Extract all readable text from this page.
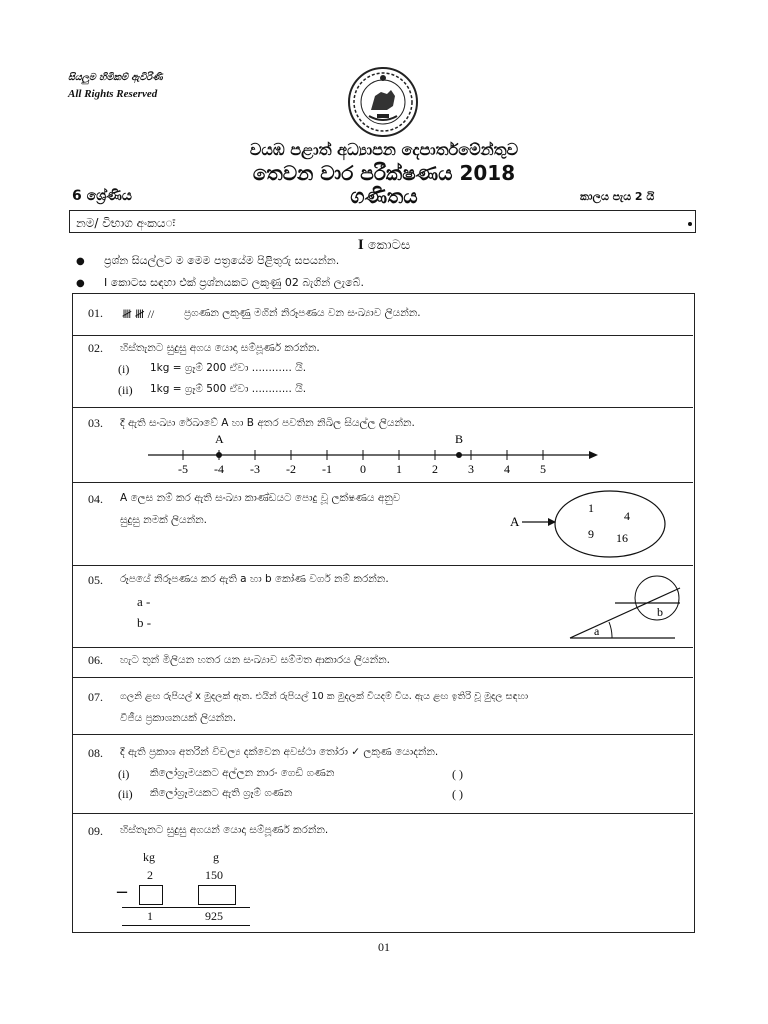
සියලුම හිමිකම් ඇවිරිණි
All Rights Reserved
වයඹ පළාත් අධ්‍යාපන දෙපාර්තමේන්තුව
තෙවන වාර පරීක්ෂණය 2018
ගණිතය
6 ශ්‍රේණිය	කාලය පැය 2 යි
නම/ විභාග අංකයः
I කොටස
● ප්‍රශ්න සියල්ලට ම මෙම පත්‍රයේම පිළිතුරු සපයන්න.
● I කොටස සඳහා එක් ප්‍රශ්නයකට ලකුණු 02 බැගින් ලැබේ.
01. 𝍸 𝍸 //	ප්‍රගණන ලකුණු මගින් නිරූපණය වන සංඛ්‍යාව ලියන්න.
02. හිස්තැනට සුදුසු අගය යොදා සම්පූර්ණ කරන්න.
(i) 1kg = ග්‍රෑම් 200 ඒවා ............ යි.
(ii) 1kg = ග්‍රෑම් 500 ඒවා ............ යි.
03. දී ඇති සංඛ්‍යා රේඛාවේ A හා B අතර පවතින නිඛිල සියල්ල ලියන්න.
-5 -4 -3 -2 -1 0	1	2	3	4	5
A	B
04. A ලෙස නම් කර ඇති සංඛ්‍යා කාණ්ඩයට පොදු වූ ලක්ෂණය අනුව
සුදුසු නමක් ලියන්න.	A
1
4
9 16
05. රූපයේ නිරූපණය කර ඇති a හා b කෝණ වර්ග නම් කරන්න.
a -
b -
a
b
06. හැට තුන් මිලියන හතර යන සංඛ්‍යාව සම්මත ආකාරය ලියන්න.
07. ගලනි ළඟ රුපියල් x මුදලක් ඇත. එයින් රුපියල් 10 ක මුදලක් වියදම් විය. ඇය ළඟ ඉතිරි වූ මුදල සඳහා
වීජීය ප්‍රකාශනයක් ලියන්න.
08. දී ඇති ප්‍රකාශ අතරින් විචල්‍ය දක්වෙන අවස්ථා තෝරා ✓ ලකුණ යොදන්න.
(i) කිලෝග්‍රෑමයකට අල්ලන නාරං ගෙඩි ගණන	( )
(ii) කිලෝග්‍රෑමයකට ඇති ග්‍රෑම් ගණන	( )
09. හිස්තැනට සුදුසු අගයන් යොදා සම්පූර්ණ කරන්න.
kg	g
2	150
–
1	925
01
